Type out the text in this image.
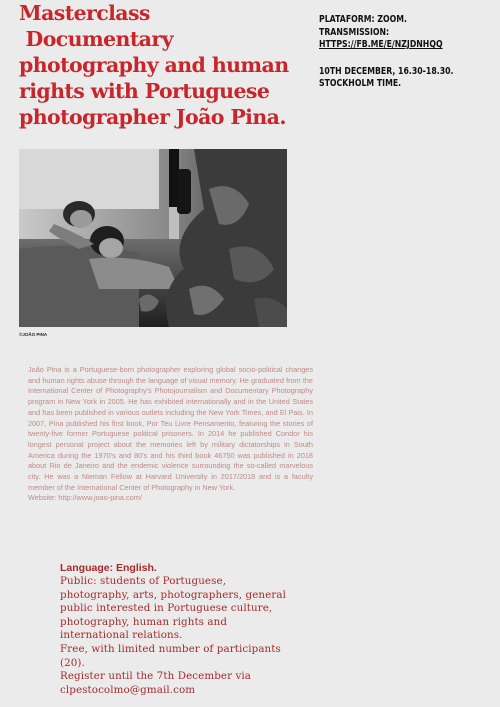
Masterclass
Documentary
photography and human
rights with Portuguese
photographer João Pina.
PLATAFORM: ZOOM.
TRANSMISSION:
HTTPS://FB.ME/E/NZJDNHQQ
10TH DECEMBER, 16.30-18.30.
STOCKHOLM TIME.
©JOÃO PINA

João Pina is a Portuguese-born photographer exploring global socio-political changes and human rights abuse through the language of visual memory. He graduated from the International Center of Photography's Photojournalism and Documentary Photography program in New York in 2005. He has exhibited internationally and in the United States and has been published in various outlets including the New York Times, and El Pais. In 2007, Pina published his first book, Por Teu Livre Pensamento, featuring the stories of twenty-five former Portuguese political prisoners. In 2014 he published Condor his longest personal project about the memories left by military dictatorships in South America during the 1970's and 80's and his third book 46750 was published in 2018 about Rio de Janeiro and the endemic violence surrounding the so-called marvelous city. He was a Nieman Fellow at Harvard University in 2017/2018 and is a faculty member of the International Center of Photography in New York.
Website: http://www.joao-pina.com/

Language: English.
Public: students of Portuguese,
photography, arts, photographers, general
public interested in Portuguese culture,
photography, human rights and
international relations.
Free, with limited number of participants
(20).
Register until the 7th December via
clpestocolmo@gmail.com
